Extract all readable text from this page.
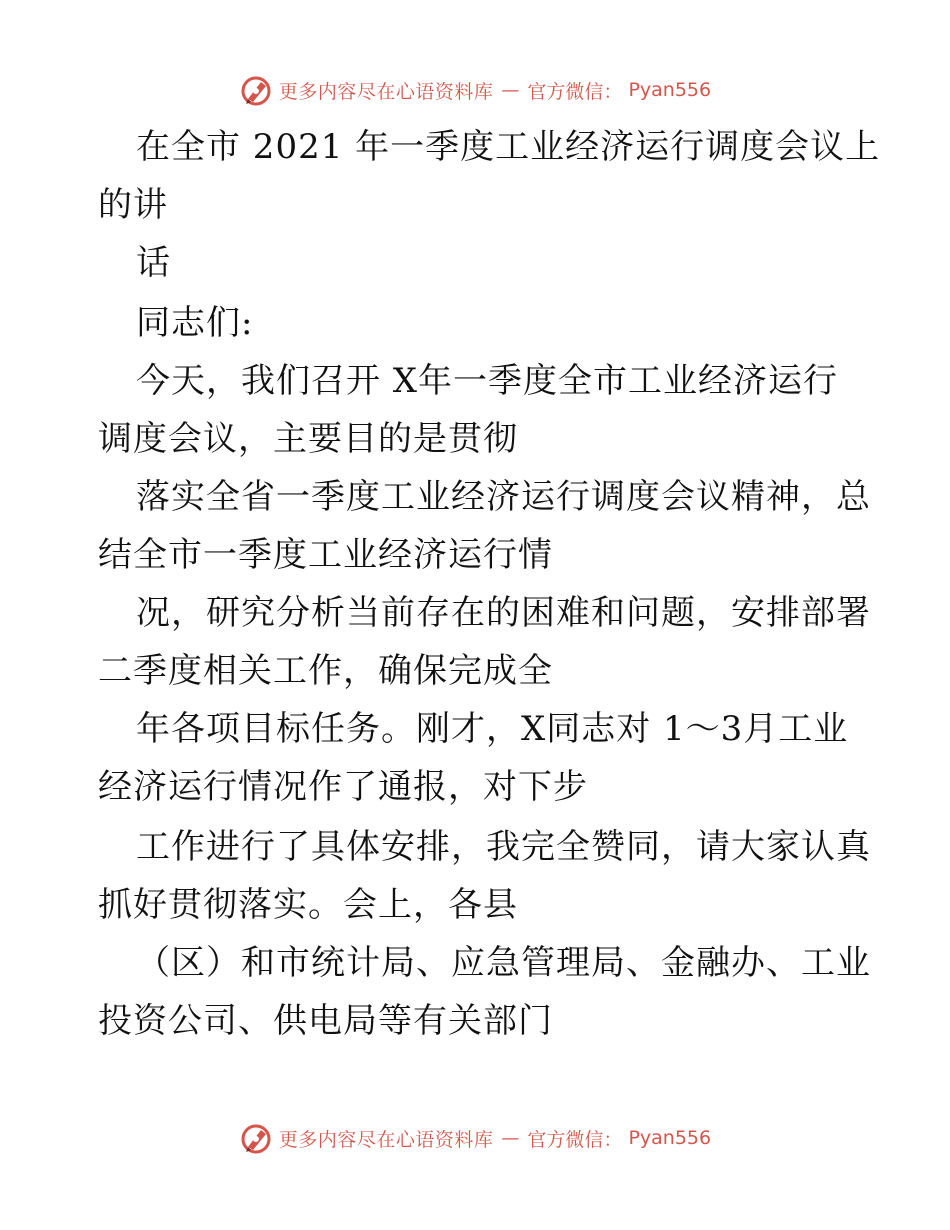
更多内容尽在心语资料库 — 官方微信： Pyan556
在全市 2021 年一季度工业经济运行调度会议上
的讲
话
同志们:
今天，我们召开 X年一季度全市工业经济运行
调度会议，主要目的是贯彻
落实全省一季度工业经济运行调度会议精神，总
结全市一季度工业经济运行情
况，研究分析当前存在的困难和问题，安排部署
二季度相关工作，确保完成全
年各项目标任务。刚才，X同志对 1～3月工业
经济运行情况作了通报，对下步
工作进行了具体安排，我完全赞同，请大家认真
抓好贯彻落实。会上，各县
（区）和市统计局、应急管理局、金融办、工业
投资公司、供电局等有关部门
更多内容尽在心语资料库 — 官方微信： Pyan556
